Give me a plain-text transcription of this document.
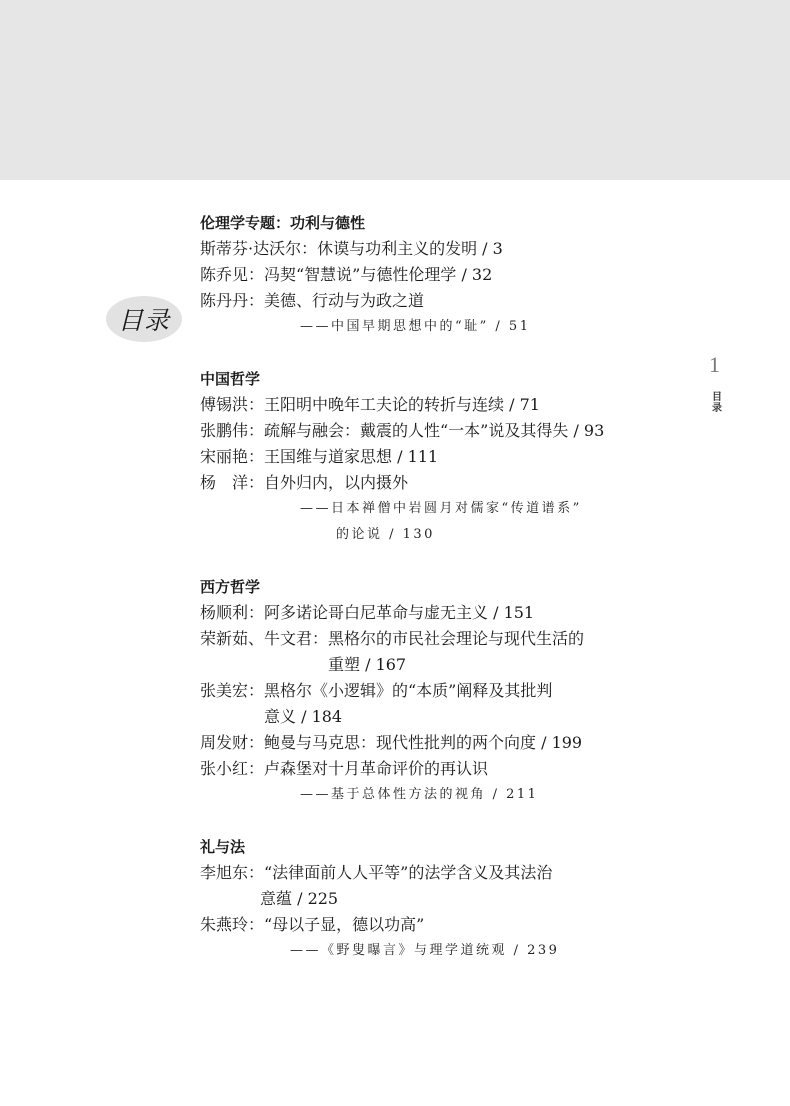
目录
1
目
录
伦理学专题：功利与德性
斯蒂芬·达沃尔：休谟与功利主义的发明 / 3
陈乔见：冯契“智慧说”与德性伦理学 / 32
陈丹丹：美德、行动与为政之道
——中国早期思想中的“耻” / 51
中国哲学
傅锡洪：王阳明中晚年工夫论的转折与连续 / 71
张鹏伟：疏解与融会：戴震的人性“一本”说及其得失 / 93
宋丽艳：王国维与道家思想 / 111
杨　洋：自外归内，以内摄外
——日本禅僧中岩圆月对儒家“传道谱系”
的论说 / 130
西方哲学
杨顺利：阿多诺论哥白尼革命与虚无主义 / 151
荣新茹、牛文君：黑格尔的市民社会理论与现代生活的
重塑 / 167
张美宏：黑格尔《小逻辑》的“本质”阐释及其批判
意义 / 184
周发财：鲍曼与马克思：现代性批判的两个向度 / 199
张小红：卢森堡对十月革命评价的再认识
——基于总体性方法的视角 / 211
礼与法
李旭东：“法律面前人人平等”的法学含义及其法治
意蕴 / 225
朱燕玲：“母以子显，德以功高”
——《野叟曝言》与理学道统观 / 239
